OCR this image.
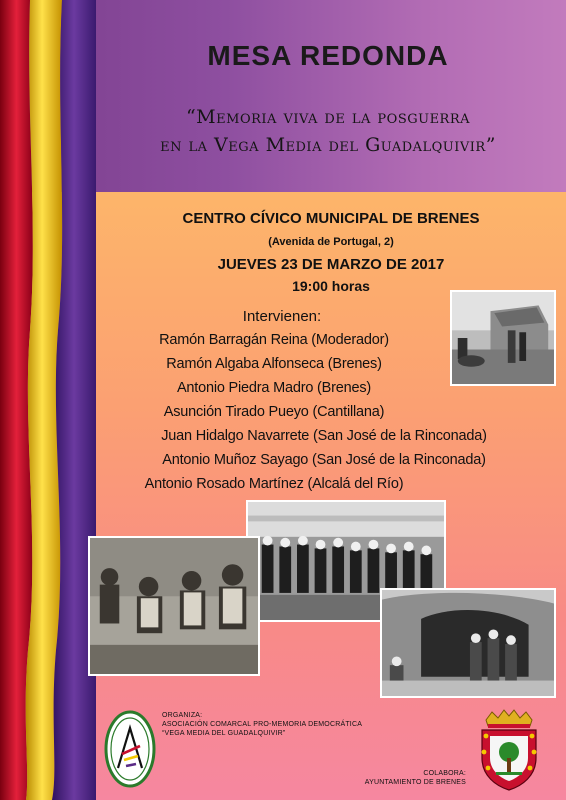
MESA REDONDA
“Memoria viva de la posguerra
en la Vega Media del Guadalquivir”
CENTRO CÍVICO MUNICIPAL DE BRENES
(Avenida de Portugal, 2)
JUEVES 23 DE MARZO DE 2017
19:00 horas
Intervienen:
Ramón Barragán Reina (Moderador)
Ramón Algaba Alfonseca (Brenes)
Antonio Piedra Madro (Brenes)
Asunción Tirado Pueyo (Cantillana)
Juan Hidalgo Navarrete (San José de la Rinconada)
Antonio Muñoz Sayago (San José de la Rinconada)
Antonio Rosado Martínez (Alcalá del Río)
ORGANIZA:
ASOCIACIÓN COMARCAL PRO-MEMORIA DEMOCRÁTICA
“VEGA MEDIA DEL GUADALQUIVIR”
COLABORA:
AYUNTAMIENTO DE BRENES
